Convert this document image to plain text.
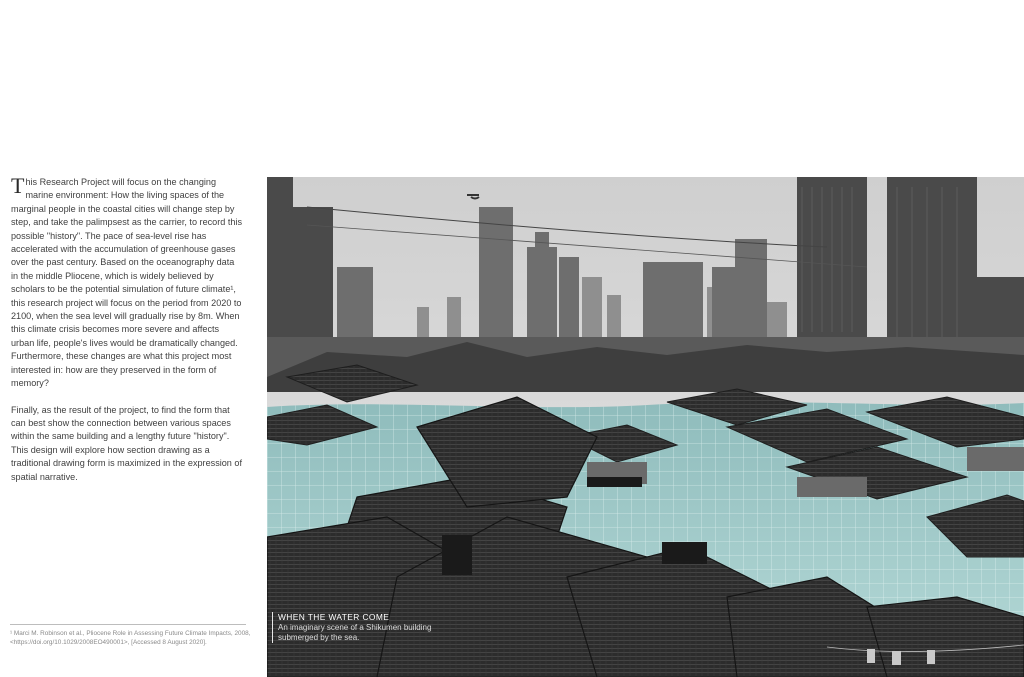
This Research Project will focus on the changing marine environment: How the living spaces of the marginal people in the coastal cities will change step by step, and take the palimpsest as the carrier, to record this possible "history". The pace of sea-level rise has accelerated with the accumulation of greenhouse gases over the past century. Based on the oceanography data in the middle Pliocene, which is widely believed by scholars to be the potential simulation of future climate¹, this research project will focus on the period from 2020 to 2100, when the sea level will gradually rise by 8m. When this climate crisis becomes more severe and affects urban life, people's lives would be dramatically changed. Furthermore, these changes are what this project most interested in: how are they preserved in the form of memory?

Finally, as the result of the project, to find the form that can best show the connection between various spaces within the same building and a lengthy future "history". This design will explore how section drawing as a traditional drawing form is maximized in the expression of spatial narrative.

¹ Marci M. Robinson et al., Pliocene Role in Assessing Future Climate Impacts, 2008, <https://doi.org/10.1029/2008EO490001>, [Accessed 8 August 2020].
WHEN THE WATER COME
An imaginary scene of a Shikumen building submerged by the sea.
